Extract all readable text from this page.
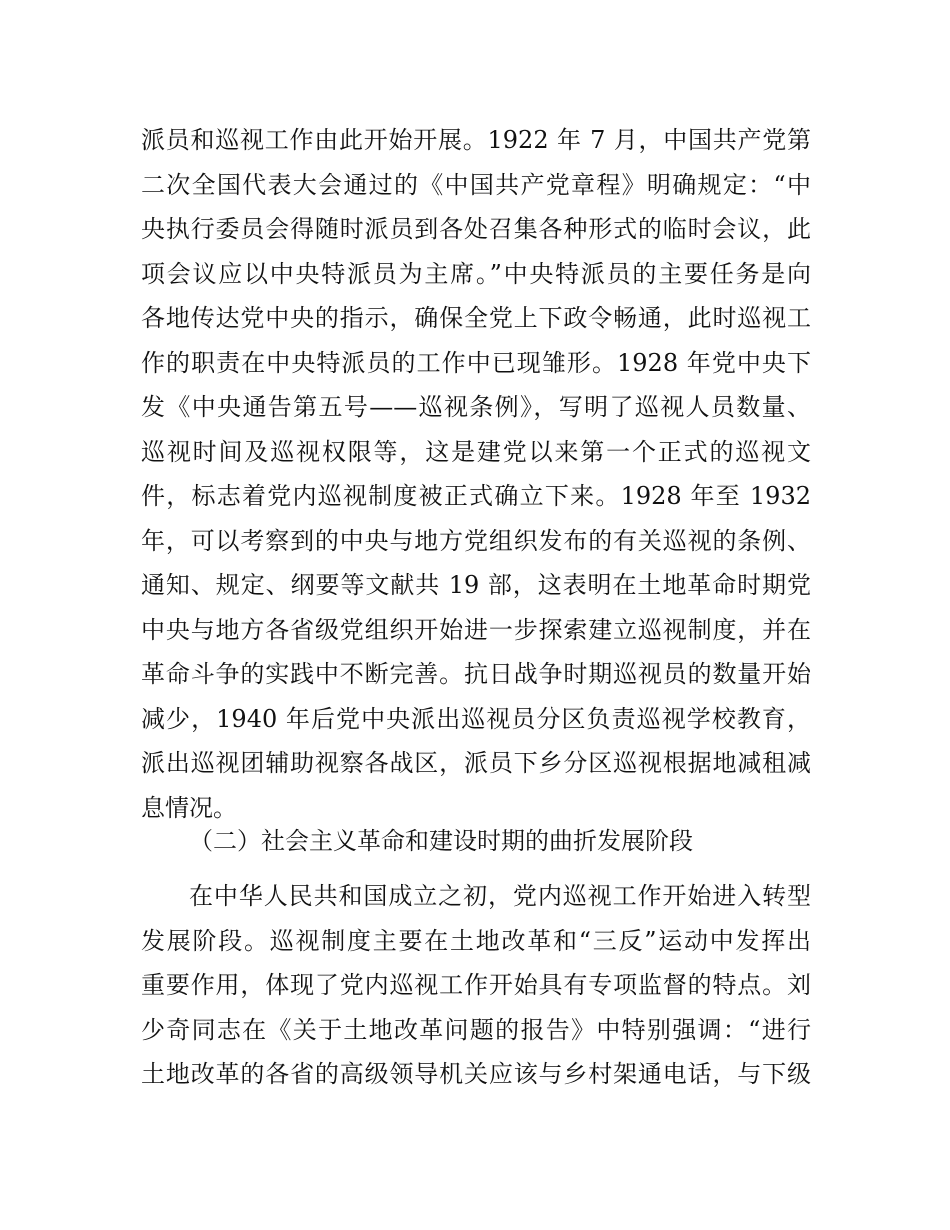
派员和巡视工作由此开始开展。1922 年 7 月，中国共产党第
二次全国代表大会通过的《中国共产党章程》明确规定：“中
央执行委员会得随时派员到各处召集各种形式的临时会议，此
项会议应以中央特派员为主席。”中央特派员的主要任务是向
各地传达党中央的指示，确保全党上下政令畅通，此时巡视工
作的职责在中央特派员的工作中已现雏形。1928 年党中央下
发《中央通告第五号——巡视条例》，写明了巡视人员数量、
巡视时间及巡视权限等，这是建党以来第一个正式的巡视文
件，标志着党内巡视制度被正式确立下来。1928 年至 1932
年，可以考察到的中央与地方党组织发布的有关巡视的条例、
通知、规定、纲要等文献共 19 部，这表明在土地革命时期党
中央与地方各省级党组织开始进一步探索建立巡视制度，并在
革命斗争的实践中不断完善。抗日战争时期巡视员的数量开始
减少，1940 年后党中央派出巡视员分区负责巡视学校教育，
派出巡视团辅助视察各战区，派员下乡分区巡视根据地减租减
息情况。
（二）社会主义革命和建设时期的曲折发展阶段
在中华人民共和国成立之初，党内巡视工作开始进入转型
发展阶段。巡视制度主要在土地改革和“三反”运动中发挥出
重要作用，体现了党内巡视工作开始具有专项监督的特点。刘
少奇同志在《关于土地改革问题的报告》中特别强调：“进行
土地改革的各省的高级领导机关应该与乡村架通电话，与下级
